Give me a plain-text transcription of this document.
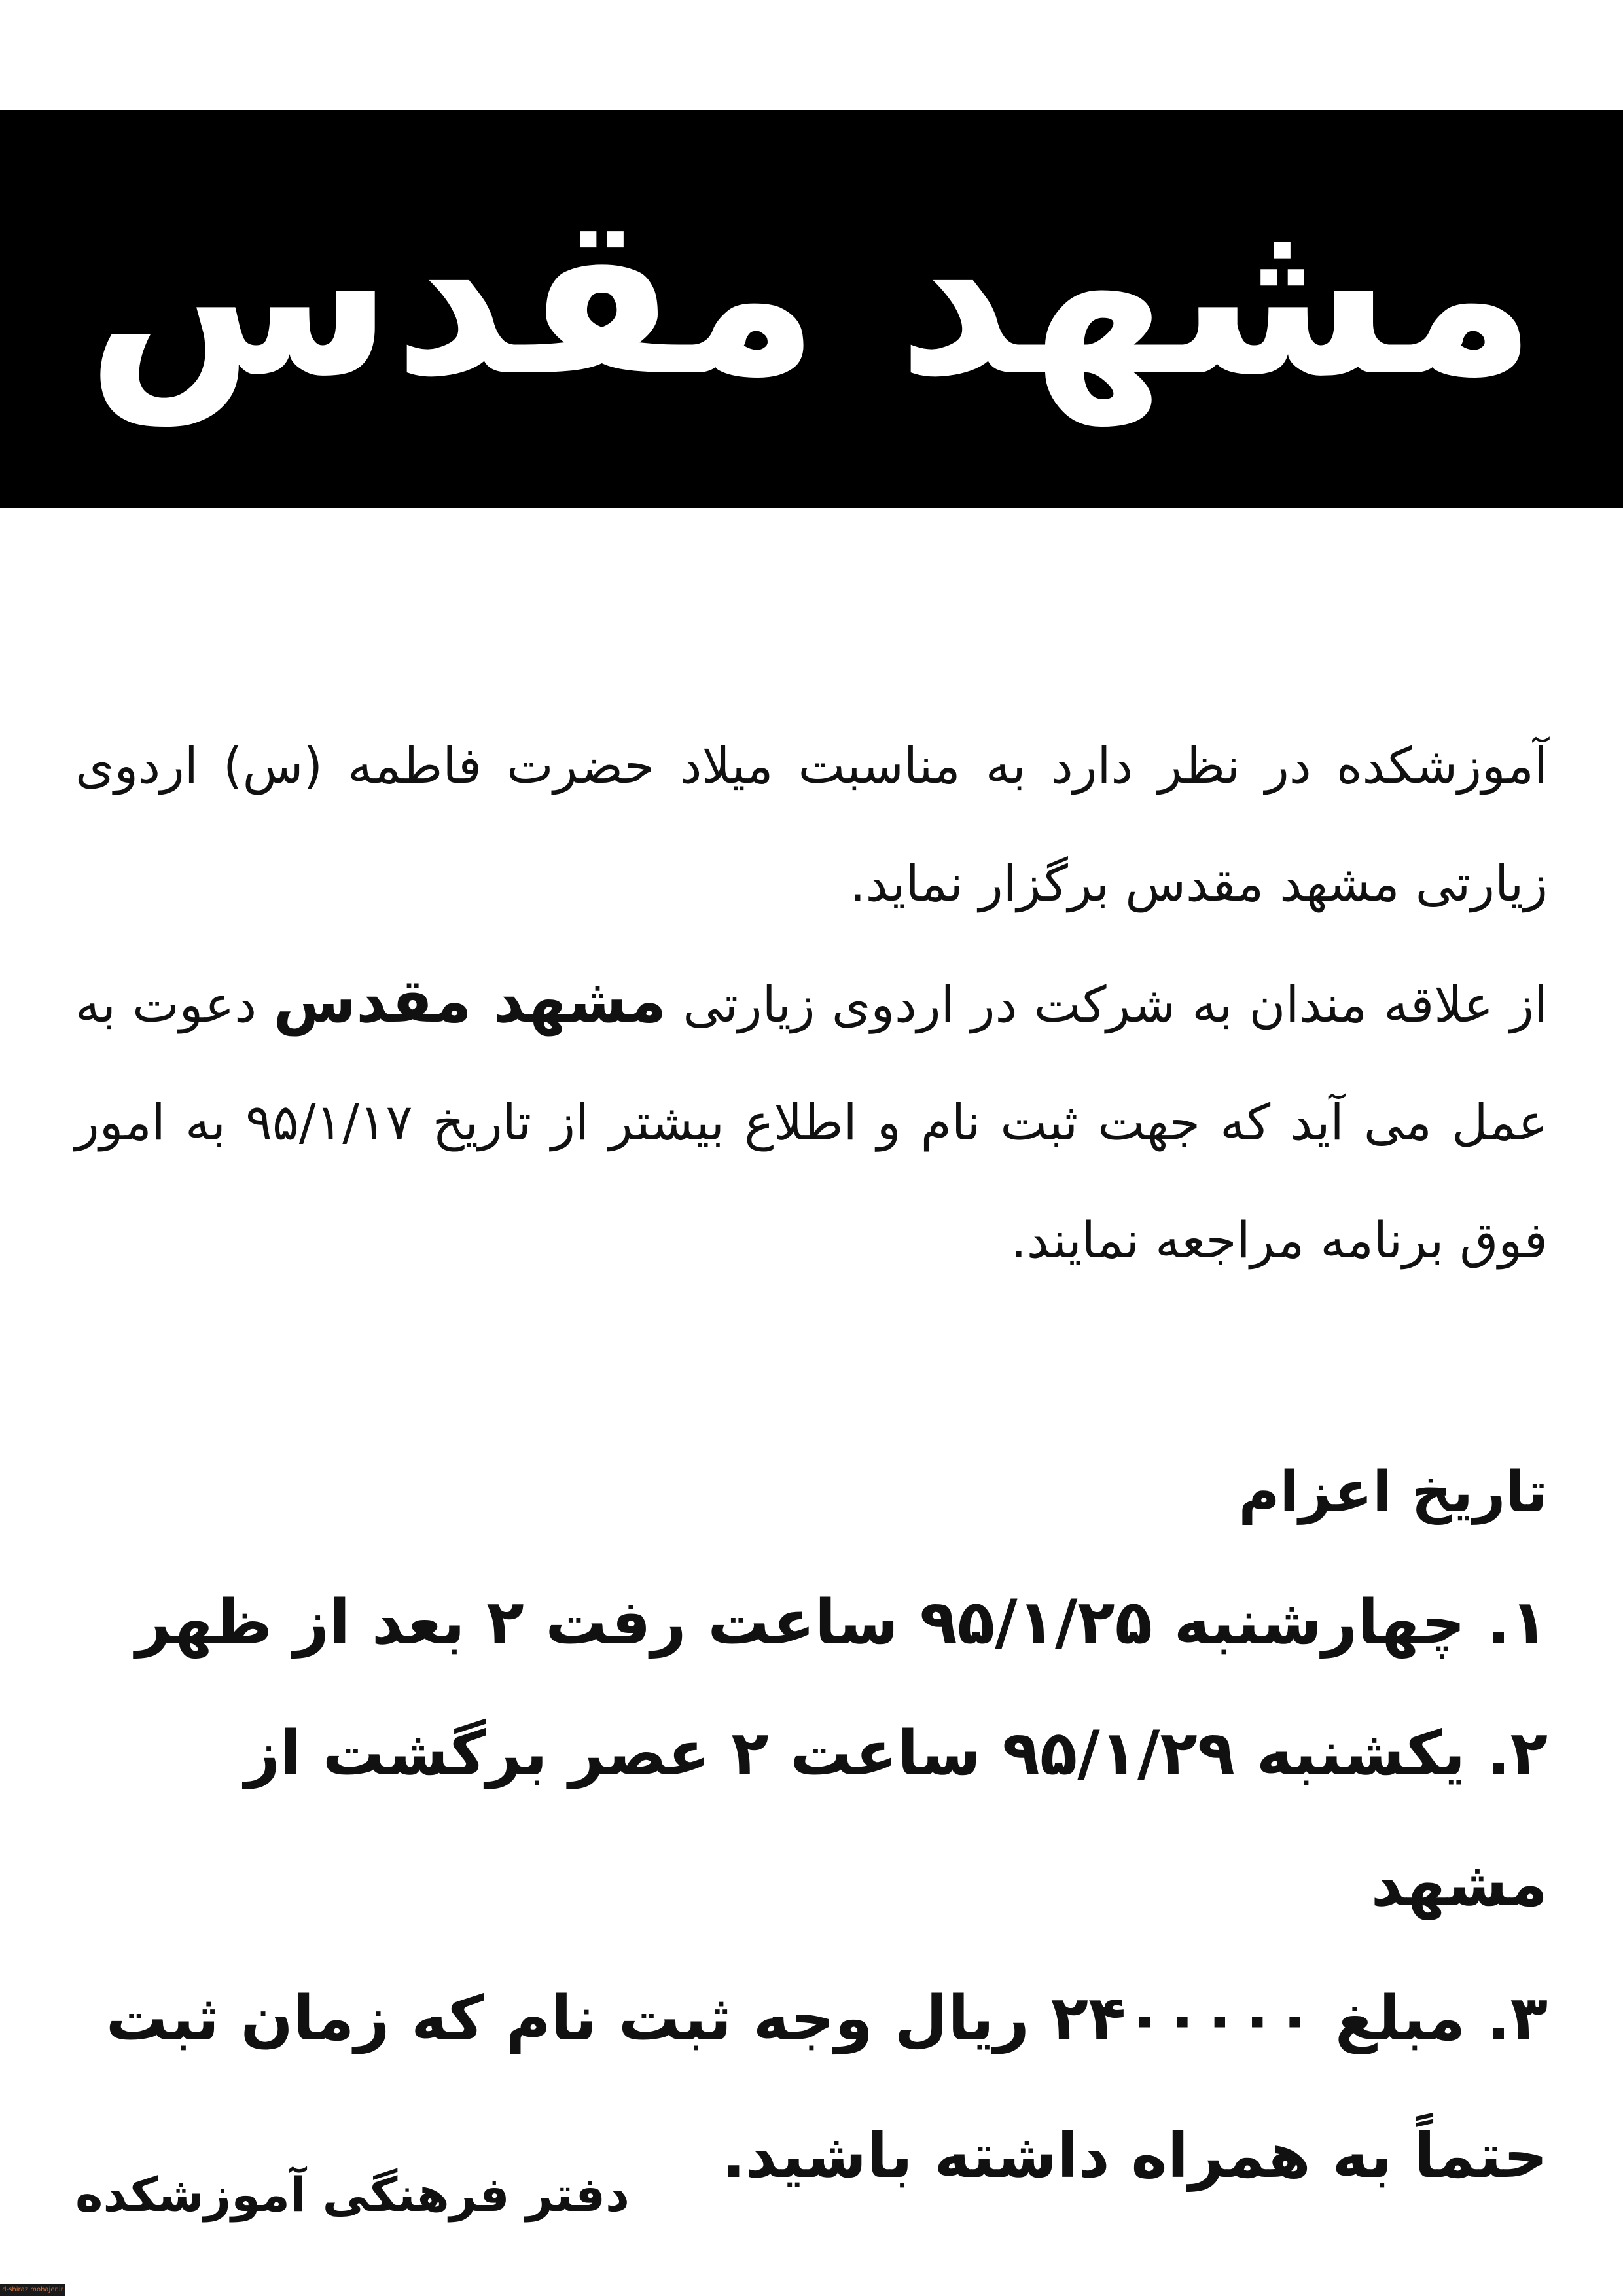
مشهد مقدس

آموزشکده در نظر دارد به مناسبت میلاد حضرت فاطمه (س) اردوی زیارتی مشهد مقدس برگزار نماید.

از علاقه مندان به شرکت در اردوی زیارتی مشهد مقدس دعوت به عمل می آید که جهت ثبت نام و اطلاع بیشتر از تاریخ ۹۵/۱/۱۷ به امور فوق برنامه مراجعه نمایند.

تاریخ اعزام

۱. چهارشنبه ۹۵/۱/۲۵ ساعت رفت ۲ بعد از ظهر
۲. یکشنبه ۹۵/۱/۲۹ ساعت ۲ عصر برگشت از مشهد
۳. مبلغ ۲۴۰۰۰۰۰ ریال وجه ثبت نام که زمان ثبت حتماً به همراه داشته باشید.
دفتر فرهنگی آموزشکده
d-shiraz.mohajer.ir
